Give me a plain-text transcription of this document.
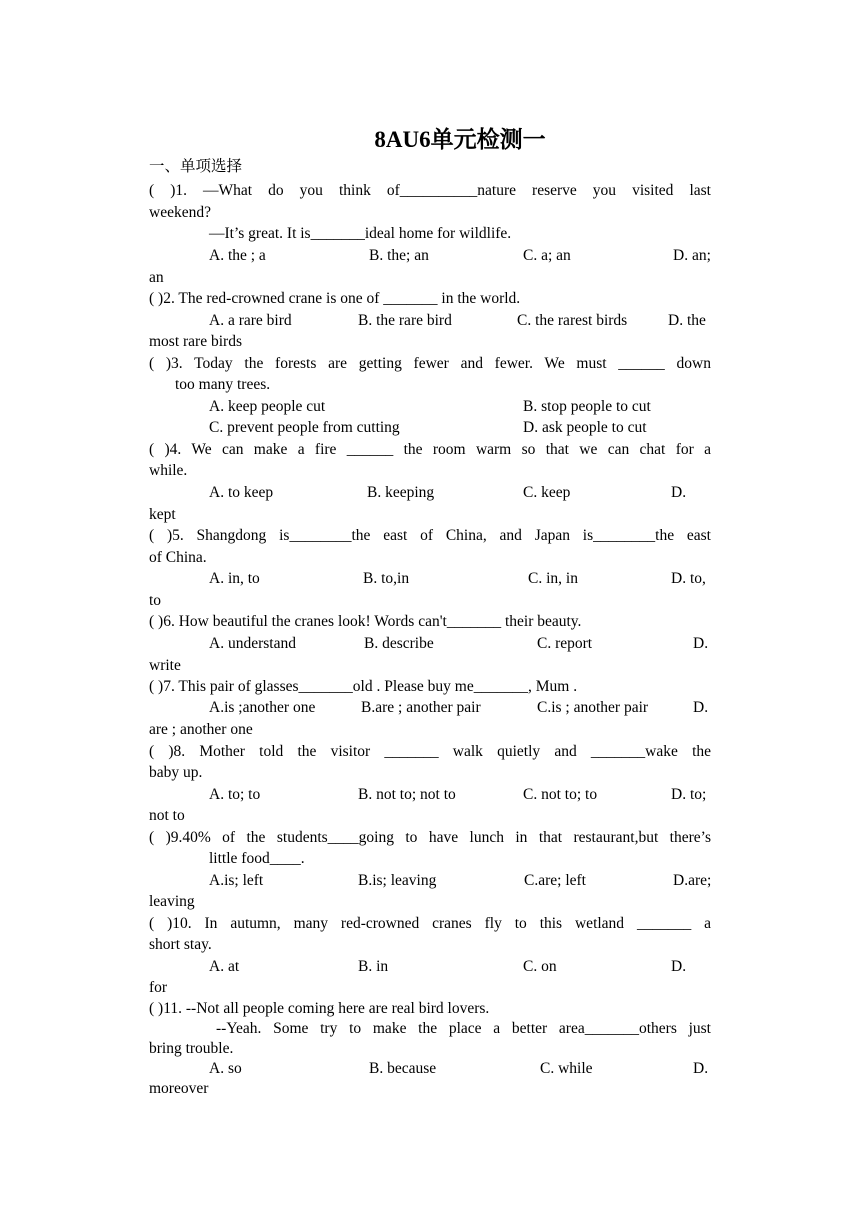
8AU6单元检测一
一、单项选择
( )1. —What do you think of__________nature reserve you visited last
weekend?
—It’s great. It is_______ideal home for wildlife.
A. the ; a	B. the; an	C. a; an	D. an;
an
( )2. The red-crowned crane is one of _______ in the world.
A. a rare bird	B. the rare bird	C. the rarest birds	D. the
most rare birds
( )3. Today the forests are getting fewer and fewer. We must ______ down
too many trees.
A. keep people cut	B. stop people to cut
C. prevent people from cutting	D. ask people to cut
( )4. We can make a fire ______ the room warm so that we can chat for a
while.
A. to keep	B. keeping	C. keep	D.
kept
( )5. Shangdong is________the east of China, and Japan is________the east
of China.
A. in, to	B. to,in	C. in, in	D. to,
to
( )6. How beautiful the cranes look! Words can't_______ their beauty.
A. understand	B. describe	C. report	D.
write
( )7. This pair of glasses_______old . Please buy me_______, Mum .
A.is ;another one	B.are ; another pair	C.is ; another pair	D.
are ; another one
( )8. Mother told the visitor _______ walk quietly and _______wake the
baby up.
A. to; to	B. not to; not to	C. not to; to	D. to;
not to
( )9.40% of the students____going to have lunch in that restaurant,but there’s
little food____.
A.is; left	B.is; leaving	C.are; left	D.are;
leaving
( )10. In autumn, many red-crowned cranes fly to this wetland _______ a
short stay.
A. at	B. in	C. on	D.
for
( )11. --Not all people coming here are real bird lovers.
--Yeah. Some try to make the place a better area_______others just
bring trouble.
A. so	B. because	C. while	D.
moreover
